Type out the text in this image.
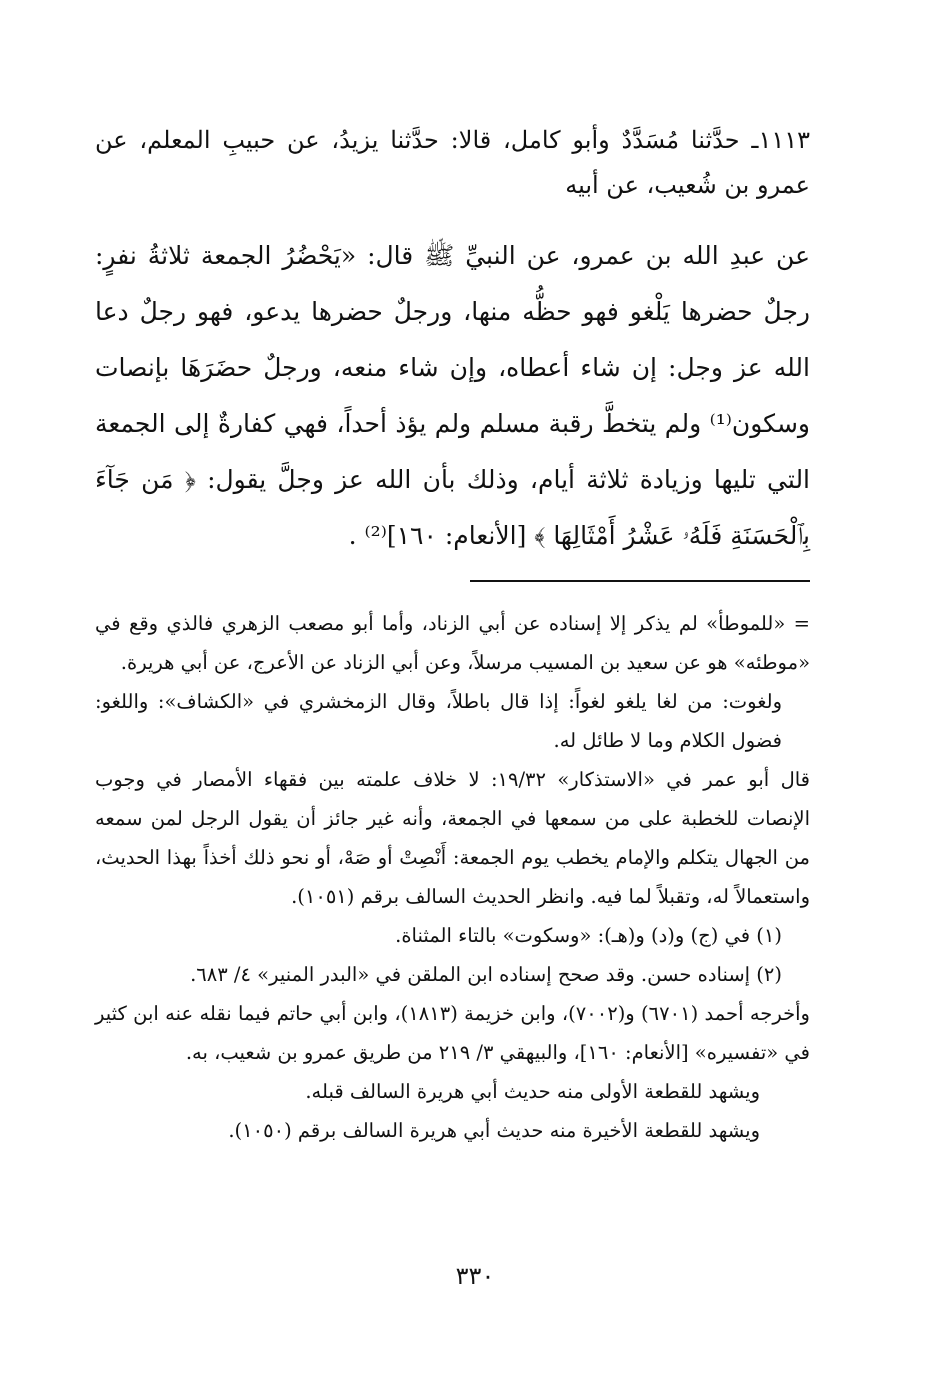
١١١٣ـ حدَّثنا مُسَدَّدٌ وأبو كامل، قالا: حدَّثنا يزيدُ، عن حبيبِ المعلم، عن عمرو بن شُعيب، عن أبيه

عن عبدِ الله بن عمرو، عن النبيِّ ﷺ قال: «يَحْضُرُ الجمعة ثلاثةُ نفرٍ: رجلٌ حضرها يَلْغو فهو حظُّه منها، ورجلٌ حضرها يدعو، فهو رجلٌ دعا الله عز وجل: إن شاء أعطاه، وإن شاء منعه، ورجلٌ حضَرَهَا بإنصات وسكون⁽¹⁾ ولم يتخطَّ رقبة مسلم ولم يؤذ أحداً، فهي كفارةٌ إلى الجمعة التي تليها وزيادة ثلاثة أيام، وذلك بأن الله عز وجلَّ يقول: ﴿ مَن جَآءَ بِٱلْحَسَنَةِ فَلَهُۥ عَشْرُ أَمْثَالِهَا ﴾ [الأنعام: ١٦٠]⁽²⁾ .

= «للموطأ» لم يذكر إلا إسناده عن أبي الزناد، وأما أبو مصعب الزهري فالذي وقع في «موطئه» هو عن سعيد بن المسيب مرسلاً، وعن أبي الزناد عن الأعرج، عن أبي هريرة.

ولغوت: من لغا يلغو لغواً: إذا قال باطلاً، وقال الزمخشري في «الكشاف»: واللغو: فضول الكلام وما لا طائل له.

قال أبو عمر في «الاستذكار» ١٩/٣٢: لا خلاف علمته بين فقهاء الأمصار في وجوب الإنصات للخطبة على من سمعها في الجمعة، وأنه غير جائز أن يقول الرجل لمن سمعه من الجهال يتكلم والإمام يخطب يوم الجمعة: أَنْصِتْ أو صَهْ، أو نحو ذلك أخذاً بهذا الحديث، واستعمالاً له، وتقبلاً لما فيه. وانظر الحديث السالف برقم (١٠٥١).

(١) في (ج) و(د) و(هـ): «وسكوت» بالتاء المثناة.

(٢) إسناده حسن. وقد صحح إسناده ابن الملقن في «البدر المنير» ٤/ ٦٨٣.

وأخرجه أحمد (٦٧٠١) و(٧٠٠٢)، وابن خزيمة (١٨١٣)، وابن أبي حاتم فيما نقله عنه ابن كثير في «تفسيره» [الأنعام: ١٦٠]، والبيهقي ٣/ ٢١٩ من طريق عمرو بن شعيب، به.

ويشهد للقطعة الأولى منه حديث أبي هريرة السالف قبله.

ويشهد للقطعة الأخيرة منه حديث أبي هريرة السالف برقم (١٠٥٠).

٣٣٠
